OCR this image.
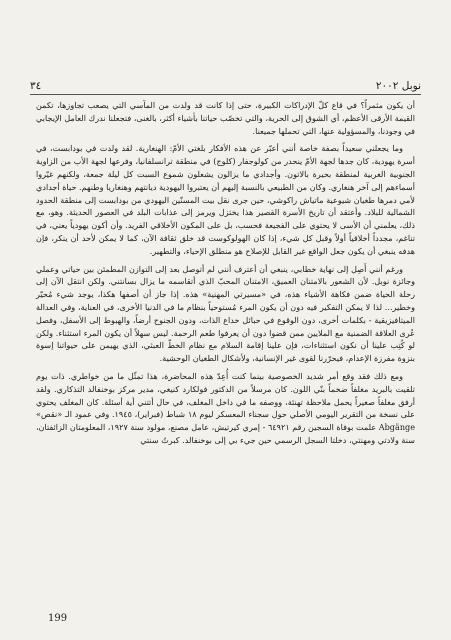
نوبل ٢٠٠٢
٣٤

أن يكون مثمراً؟ في قاع كلّ الإدراكات الكبيرة، حتى إذا كانت قد ولدت من المآسي التي يصعب تجاوزها، تكمن القيمة الأرقى الأعظم، أي الشوق إلى الحرية، والتي تخصّب حياتنا بأشياء أكثر، بالغنى، فتجعلنا ندرك العامل الإيجابي في وجودنا، والمسؤولية عنها، التي تحملها جميعنا.

وما يجعلني سعيداً بصفة خاصة أنني أعبّر عن هذه الأفكار بلغتي الأمّ: الهنغارية. لقد ولدت في بودابست، في أسرة يهودية، كان جدها لجهة الأمّ ينحدر من كولوجفار (كلوج) في منطقة ترانسلفانيا، وفرعها لجهة الأب من الزاوية الجنوبية الغربية لمنطقة بحيرة بالاتون. وأجدادي ما يزالون يشعلون شموع السبت كل ليلة جمعة، ولكنهم غيّروا أسماءهم إلى آخر هنغاري. وكان من الطبيعي بالنسبة إليهم أن يعتبروا اليهودية ديانتهم وهنغاريا وطنهم. حياة أجدادي لأمي دمرها طغيان شيوعية ماتياش راكوشي، حين جرى نقل بيت المسنّين اليهودي من بودابست إلى منطقة الحدود الشمالية للبلاد. وأعتقد أن تاريخ الأسرة القصير هذا يختزل ويرمز إلى عذابات البلد في العصور الحديثة. وهو، مع ذلك، يعلمني أن الأسى لا يحتوي على الفجيعة فحسب، بل على المكون الأخلاقي الفريد. وأن أكون يهودياً يعني، في تناغم، مجدداً أخلاقياً أولاً وقبل كل شيء، إذا كان الهولوكوست قد خلق ثقافة الآن، كما لا يمكن لأحد أن ينكر، فإن هدفه ينبغي أن يكون جعل الواقع غير القابل للإصلاح هو منطلق الإحياء، والتطهير.

ورغم أنني أَصِل إلى نهاية خطابي، ينبغي أن أعترف أنني لم أتوصل بعد إلى التوازن المطمئن بين حياتي وعملي وجائزة نوبل. لأن الشعور بالامتنان العميق، الامتنان المحبّ الذي أتقاسمه ما يزال بسانتني. ولكن انتقل الآن إلى رحلة الحياة ضمن فكاهة الأشياء هذه، في «مسيرتي المهنية» هذه. إذا جاز أن أصفها هكذا، يوجد شيء مُحيّر وخطير... لذا لا يمكن التفكير فيه دون أن يكون المرء مُستوحياً بنظام ما في الدنيا الأخرى، في العناية، وفي العدالة الميتافيزيقية - بكلمات أخرى، دون الوقوع في حبائل خداع الذات، ودون الجنوح أرضاً، والهبوط إلى الأسفل، وفصل عُرى العلاقة الضمنية مع الملايين ممن قضوا دون أن يعرفوا طعم الرحمة. ليس سهلاً أن يكون المرء استثناء. ولكن لو كُتِب علينا أن نكون استثناءات، فإن علينا إقامة السلام مع نظام الخطّ العبثي، الذي يهيمن على حيواتنا إسوة بنزوة مفرزة الإعدام، فيحرّرنا لقوى غير الإنسانية، ولأشكال الطغيان الوحشية.

ومع ذلك فقد وقع أمر شديد الخصوصية بينما كنت أُعِدّ هذه المحاضرة، هذا تمثّل ما من خواطري. ذات يوم تلقيت بالبريد مغلفاً ضخماً بنّي اللون. كان مرسلاً من الدكتور فولكارد كنيغي، مدير مركز بوخنفالد التذكاري. ولقد أرفق مغلفاً صغيراً يحمل ملاحظة تهنئة، ووصفه ما في داخل المغلف، في حال أتتني أية أسئلة. كان المغلف يحتوي على نسخة من التقرير اليومي الأصلي حول سجناء المعسكر ليوم ١٨ شباط (فبراير)، ١٩٤٥. وفي عمود الـ «نقص» Abgänge علمت بوفاة السجين رقم ٦٤٩٢١ - إمري كيرتيش، عامل مصنع، مولود سنة ١٩٢٧، المعلومتان الزائفتان، سنة ولادتي ومهنتي، دخلتا السجل الرسمي حين جيء بي إلى بوخنفالد. كبرتُ سنتي

199
